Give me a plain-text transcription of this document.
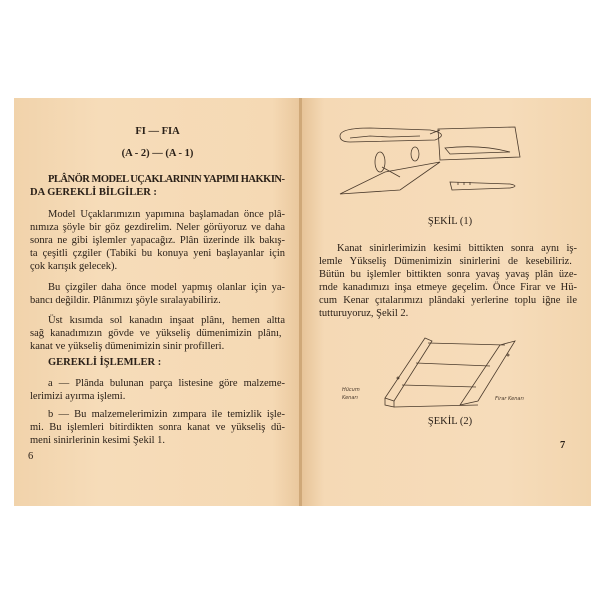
FI — FIA
(A - 2) — (A - 1)
PLÂNÖR MODEL UÇAKLARININ YAPIMI HAKKIN-
DA GEREKLİ BİLGİLER :
Model Uçaklarımızın yapımına başlamadan önce plâ-
nımıza şöyle bir göz gezdirelim. Neler görüyoruz ve daha
sonra ne gibi işlemler yapacağız. Plân üzerinde ilk bakış-
ta çeşitli çzgiler (Tabiki bu konuya yeni başlayanlar için
çok karışık gelecek).
Bu çizgiler daha önce model yapmış olanlar için ya-
bancı değildir. Plânımızı şöyle sıralayabiliriz.
Üst kısımda sol kanadın inşaat plânı, hemen altta
sağ kanadımızın gövde ve yükseliş dümenimizin plânı,
kanat ve yükseliş dümenimizin sinir profilleri.
GEREKLİ İŞLEMLER :
a — Plânda bulunan parça listesine göre malzeme-
lerimizi ayırma işlemi.
b — Bu malzemelerimizin zımpara ile temizlik işle-
mi. Bu işlemleri bitirdikten sonra kanat ve yükseliş dü-
meni sinirlerinin kesimi Şekil 1.
6
ŞEKİL (1)
Kanat sinirlerimizin kesimi bittikten sonra aynı iş-
lemle Yükseliş Dümenimizin sinirlerini de kesebiliriz.
Bütün bu işlemler bittikten sonra yavaş yavaş plân üze-
rnde kanadımızı inşa etmeye geçelim. Önce Firar ve Hü-
cum Kenar çıtalarımızı plândaki yerlerine toplu iğne ile
tutturuyoruz, Şekil 2.
Hücum
Kenarı	Firar Kenarı
ŞEKİL (2)
7
